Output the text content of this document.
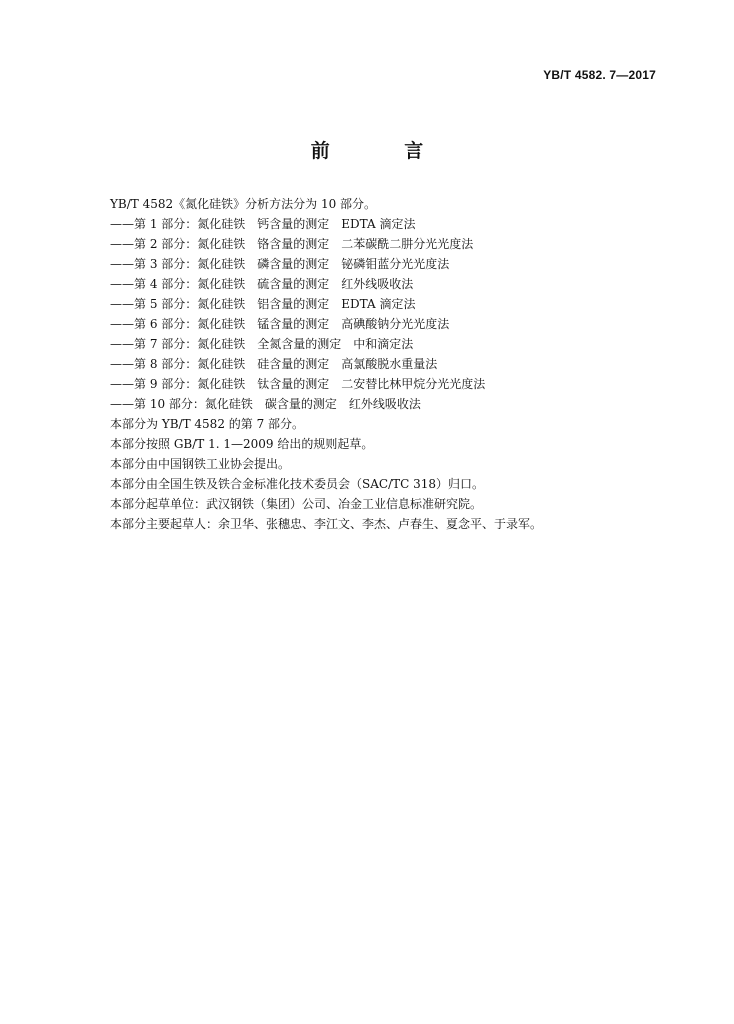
YB/T 4582. 7—2017
前 言
YB/T 4582《氮化硅铁》分析方法分为 10 部分。
——第 1 部分：氮化硅铁　钙含量的测定　EDTA 滴定法
——第 2 部分：氮化硅铁　铬含量的测定　二苯碳酰二肼分光光度法
——第 3 部分：氮化硅铁　磷含量的测定　铋磷钼蓝分光光度法
——第 4 部分：氮化硅铁　硫含量的测定　红外线吸收法
——第 5 部分：氮化硅铁　铝含量的测定　EDTA 滴定法
——第 6 部分：氮化硅铁　锰含量的测定　高碘酸钠分光光度法
——第 7 部分：氮化硅铁　全氮含量的测定　中和滴定法
——第 8 部分：氮化硅铁　硅含量的测定　高氯酸脱水重量法
——第 9 部分：氮化硅铁　钛含量的测定　二安替比林甲烷分光光度法
——第 10 部分：氮化硅铁　碳含量的测定　红外线吸收法
本部分为 YB/T 4582 的第 7 部分。
本部分按照 GB/T 1. 1—2009 给出的规则起草。
本部分由中国钢铁工业协会提出。
本部分由全国生铁及铁合金标准化技术委员会（SAC/TC 318）归口。
本部分起草单位：武汉钢铁（集团）公司、冶金工业信息标准研究院。
本部分主要起草人：余卫华、张穗忠、李江文、李杰、卢春生、夏念平、于录军。
